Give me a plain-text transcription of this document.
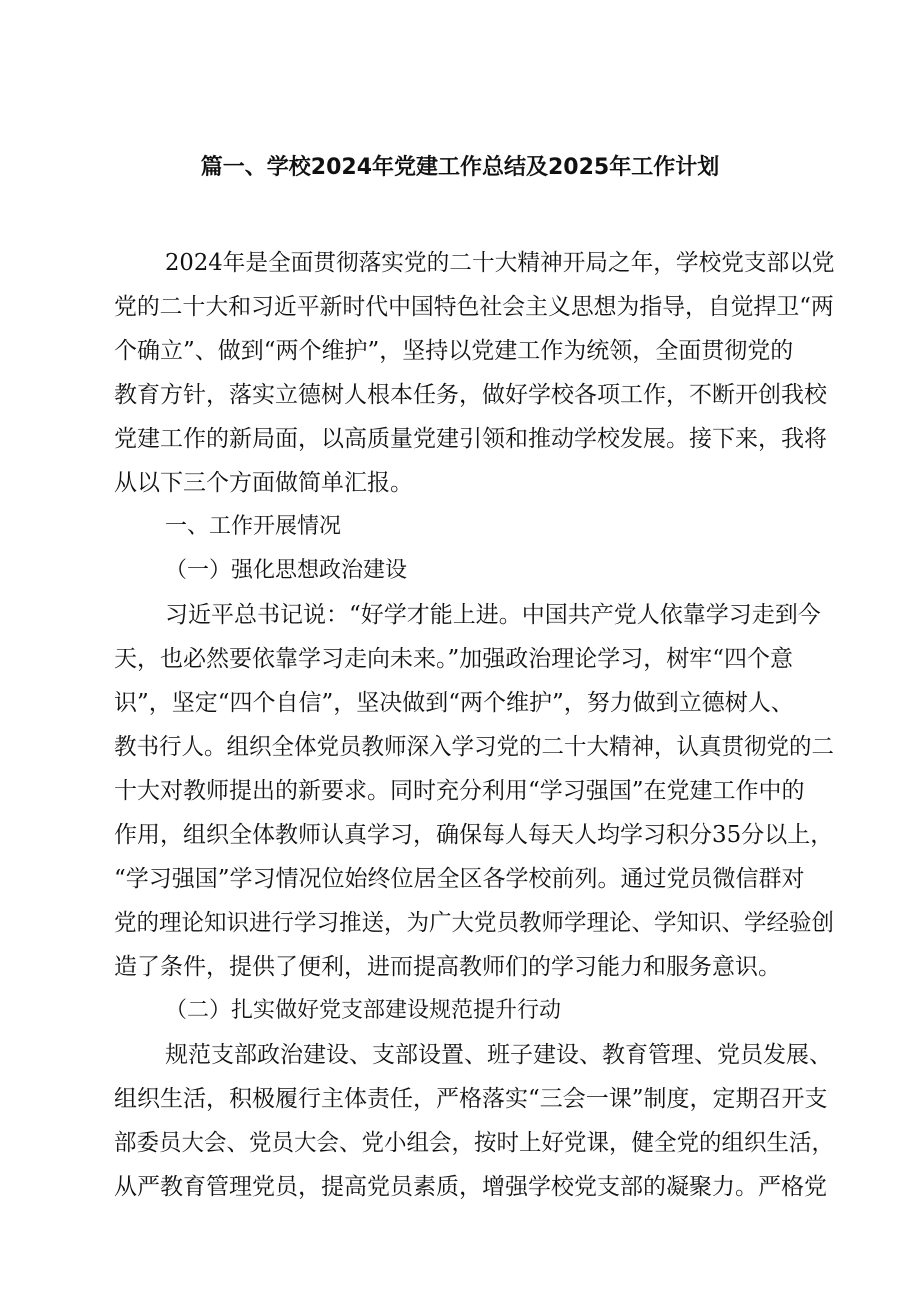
篇一、学校2024年党建工作总结及2025年工作计划

2024年是全面贯彻落实党的二十大精神开局之年，学校党支部以党

党的二十大和习近平新时代中国特色社会主义思想为指导，自觉捍卫“两

个确立”、做到“两个维护”，坚持以党建工作为统领，全面贯彻党的

教育方针，落实立德树人根本任务，做好学校各项工作，不断开创我校

党建工作的新局面，以高质量党建引领和推动学校发展。接下来，我将

从以下三个方面做简单汇报。

一、工作开展情况

（一）强化思想政治建设

习近平总书记说：“好学才能上进。中国共产党人依靠学习走到今

天，也必然要依靠学习走向未来。”加强政治理论学习，树牢“四个意

识”，坚定“四个自信”，坚决做到“两个维护”，努力做到立德树人、

教书行人。组织全体党员教师深入学习党的二十大精神，认真贯彻党的二

十大对教师提出的新要求。同时充分利用“学习强国”在党建工作中的

作用，组织全体教师认真学习，确保每人每天人均学习积分35分以上，

“学习强国”学习情况位始终位居全区各学校前列。通过党员微信群对

党的理论知识进行学习推送，为广大党员教师学理论、学知识、学经验创

造了条件，提供了便利，进而提高教师们的学习能力和服务意识。

（二）扎实做好党支部建设规范提升行动

规范支部政治建设、支部设置、班子建设、教育管理、党员发展、

组织生活，积极履行主体责任，严格落实“三会一课”制度，定期召开支

部委员大会、党员大会、党小组会，按时上好党课，健全党的组织生活，

从严教育管理党员，提高党员素质，增强学校党支部的凝聚力。严格党
